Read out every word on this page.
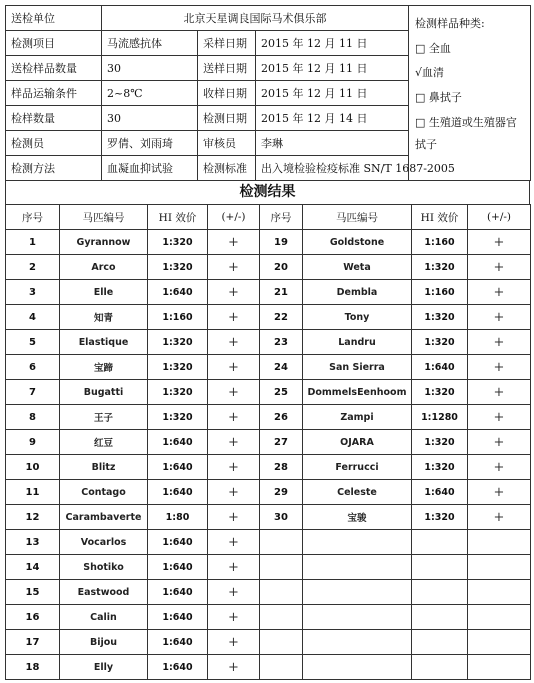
送检单位	北京天星调良国际马术俱乐部			检测样品种类:
□ 全血
√血清
□ 鼻拭子
□ 生殖道或生殖器官拭子

检测项目	马流感抗体	采样日期	2015 年 12 月 11 日	
送检样品数量	30	送样日期	2015 年 12 月 11 日	
样品运输条件	2~8℃	收样日期	2015 年 12 月 11 日	
检样数量	30	检测日期	2015 年 12 月 14 日	
检测员	罗倩、刘雨琦	审核员	李琳	
检测方法	血凝血抑试验	检测标准	出入境检验检疫标准 SN/T 1687-2005	
检测结果
序号	马匹编号	HI 效价	(+/-)	序号	马匹编号	HI 效价	(+/-)
1	Gyrannow	1:320	+	19	Goldstone	1:160	+
2	Arco	1:320	+	20	Weta	1:320	+
3	Elle	1:640	+	21	Dembla	1:160	+
4	知青	1:160	+	22	Tony	1:320	+
5	Elastique	1:320	+	23	Landru	1:320	+
6	宝蹄	1:320	+	24	San Sierra	1:640	+
7	Bugatti	1:320	+	25	DommelsEenhoom	1:320	+
8	王子	1:320	+	26	Zampi	1:1280	+
9	红豆	1:640	+	27	OJARA	1:320	+
10	Blitz	1:640	+	28	Ferrucci	1:320	+
11	Contago	1:640	+	29	Celeste	1:640	+
12	Carambaverte	1:80	+	30	宝骏	1:320	+
13	Vocarlos	1:640	+				
14	Shotiko	1:640	+				
15	Eastwood	1:640	+				
16	Calin	1:640	+				
17	Bijou	1:640	+				
18	Elly	1:640	+				
